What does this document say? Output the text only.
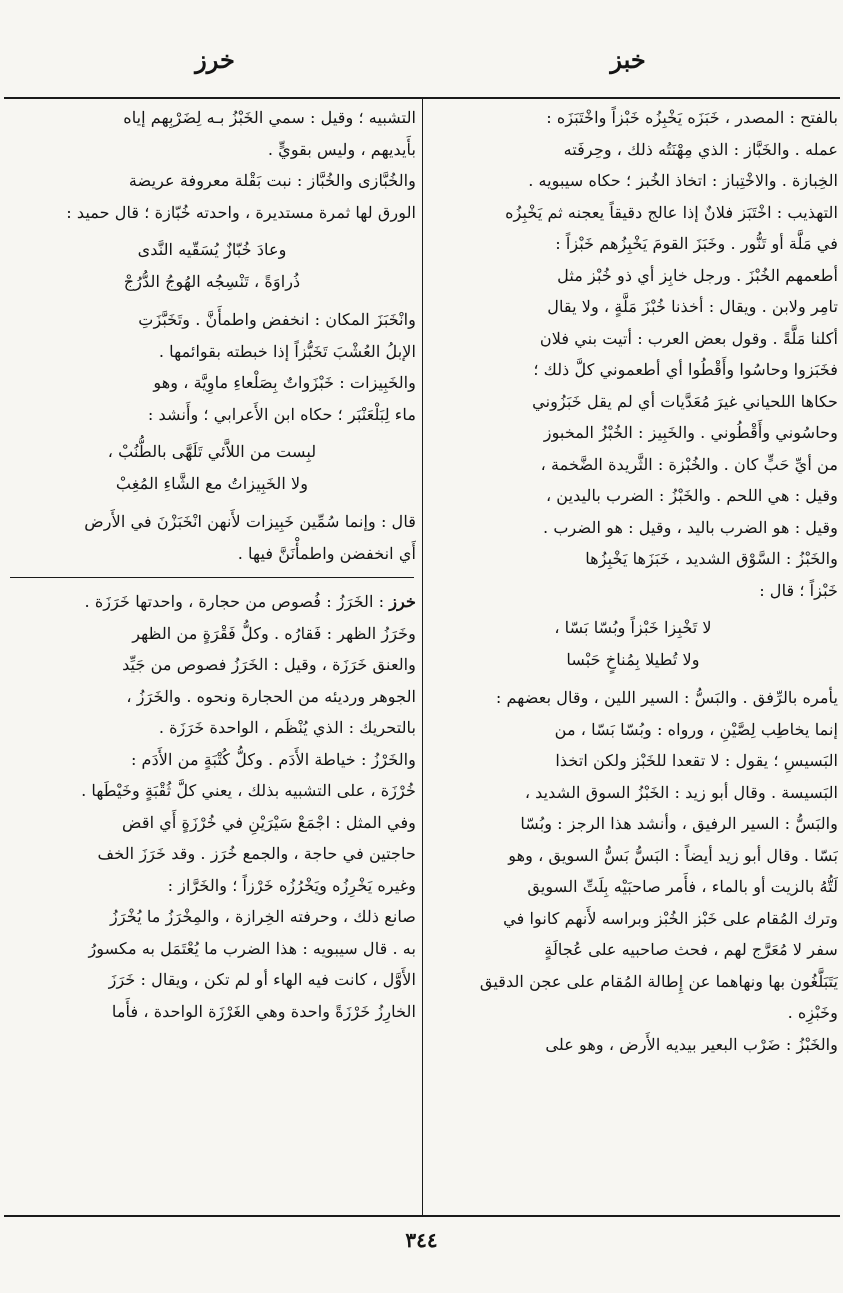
خبز
خرز

بالفتح : المصدر ، خَبَزَه يَخْبِزُه خَبْزاً واخْتَبَزَه :

عمله . والخَبَّاز : الذي مِهْنَتُه ذلك ، وحِرفَته

الخِبازة . والاخْتِباز : اتخاذ الخُبز ؛ حكاه سيبويه .

التهذيب : اخْتَبَز فلانٌ إذا عالج دقيقاً يعجنه ثم يَخْبِزُه

في مَلَّة أو تَنُّور . وخَبَزَ القومَ يَخْبِزُهم خَبْزاً :

أطعمهم الخُبْزَ . ورجل خابِز أي ذو خُبْز مثل

تامِر ولابن . ويقال : أخذنا خُبْزَ مَلَّةٍ ، ولا يقال

أكلنا مَلَّةً . وقول بعض العرب : أتيت بني فلان

فخَبَزوا وحاسُوا وأَقْطُوا أي أطعموني كلَّ ذلك ؛

حكاها اللحياني غيرَ مُعَدَّيات أي لم يقل خَبَزُوني

وحاسُوني وأَقْطُوني . والخَبِيز : الخُبْزُ المخبوز

من أيِّ حَبٍّ كان . والخُبْزة : الثَّريدة الضَّخمة ،

وقيل : هي اللحم . والخَبْزُ : الضرب باليدين ،

وقيل : هو الضرب باليد ، وقيل : هو الضرب .

والخَبْزُ : السَّوْق الشديد ، خَبَزَها يَخْبِزُها

خَبْزاً ؛ قال :

لا تَخْبِزا خَبْزاً وبُسّا بَسّا ،
ولا تُطيلا بِمُناخٍ حَبْسا

يأمره بالرِّفق . والبَسُّ : السير اللين ، وقال بعضهم :

إنما يخاطِب لِصَّيْنِ ، ورواه : وبُسّا بَسّا ، من

البَسيسِ ؛ يقول : لا تقعدا للخَبْز ولكن اتخذا

البَسيسة . وقال أبو زيد : الخَبْزُ السوق الشديد ،

والبَسُّ : السير الرفيق ، وأنشد هذا الرجز : وبُسّا

بَسّا . وقال أبو زيد أيضاً : البَسُّ بَسُّ السويق ، وهو

لَتُّهُ بالزيت أو بالماء ، فأَمر صاحبَيْه بِلَتِّ السويق

وترك المُقام على خَبْز الخُبْز وبراسه لأَنهم كانوا في

سفر لا مُعَرَّج لهم ، فحث صاحبيه على عُجالَةٍ

يَتَبَلَّغُون بها ونهاهما عن إِطالة المُقام على عجن الدقيق

وخَبْزِه .

والخَبْزُ : ضَرْب البعير بيديه الأَرض ، وهو على

التشبيه ؛ وقيل : سمي الخَبْزُ بـه لِضَرْبِهم إياه

بأَيديهم ، وليس بقويٍّ .

والخُبَّازى والخُبَّاز : نبت بَقْلة معروفة عريضة

الورق لها ثمرة مستديرة ، واحدته خُبّازة ؛ قال حميد :

وعادَ خُبّازٌ يُسَقّيه النَّدى
ذُراوَةً ، تَنْسِجُه الهُوجُ الدُّرُجْ

وانْخَبَزَ المكان : انخفض واطمأَنَّ . وتَخَبَّزَتِ

الإبلُ العُشْبَ تَخَبُّزاً إذا خبطته بقوائمها .

والخَبِيزات : خَبْزَواتٌ بِصَلْعاءِ ماوِيَّة ، وهو

ماء لِبَلْعَنْبَر ؛ حكاه ابن الأَعرابي ؛ وأَنشد :

لبِست من اللاَّئي تَلَهَّى بالطُّنُبْ ،
ولا الخَبِيزاتُ مع الشَّاءِ المُغِبْ

قال : وإنما سُمِّين خَبِيزات لأَنهن انْخَبَزْنَ في الأَرض

أَي انخفضن واطمأْنَنَّ فيها .

خرز : الخَرَزُ : فُصوص من حجارة ، واحدتها خَرَزَة .

وخَرَزُ الظهر : فَقارُه . وكلُّ فَقْرَةٍ من الظهر

والعنق خَرَزَة ، وقيل : الخَرَزُ فصوص من جَيِّد

الجوهر ورديئه من الحجارة ونحوه . والخَرَزُ ،

بالتحريك : الذي يُنْظَم ، الواحدة خَرَزَة .

والخَرْزُ : خياطة الأَدَم . وكلُّ كُتْبَةٍ من الأَدَم :

خُرْزَة ، على التشبيه بذلك ، يعني كلَّ ثُقْبَةٍ وخَيْطَها .

وفي المثل : اجْمَعْ سَيْرَيْنِ في خُرْزَةٍ أَي اقض

حاجتين في حاجة ، والجمع خُرَز . وقد خَرَزَ الخف

وغيره يَخْرِزُه ويَخْرُزُه خَرْزاً ؛ والخَرَّاز :

صانع ذلك ، وحرفته الخِرازة ، والمِخْرَزُ ما يُخْرَزُ

به . قال سيبويه : هذا الضرب ما يُعْتَمَل به مكسورُ

الأَوَّل ، كانت فيه الهاء أو لم تكن ، ويقال : خَرَزَ

الخارِزُ خَرْزَةً واحدة وهي الغَرْزَة الواحدة ، فأَما

٣٤٤
